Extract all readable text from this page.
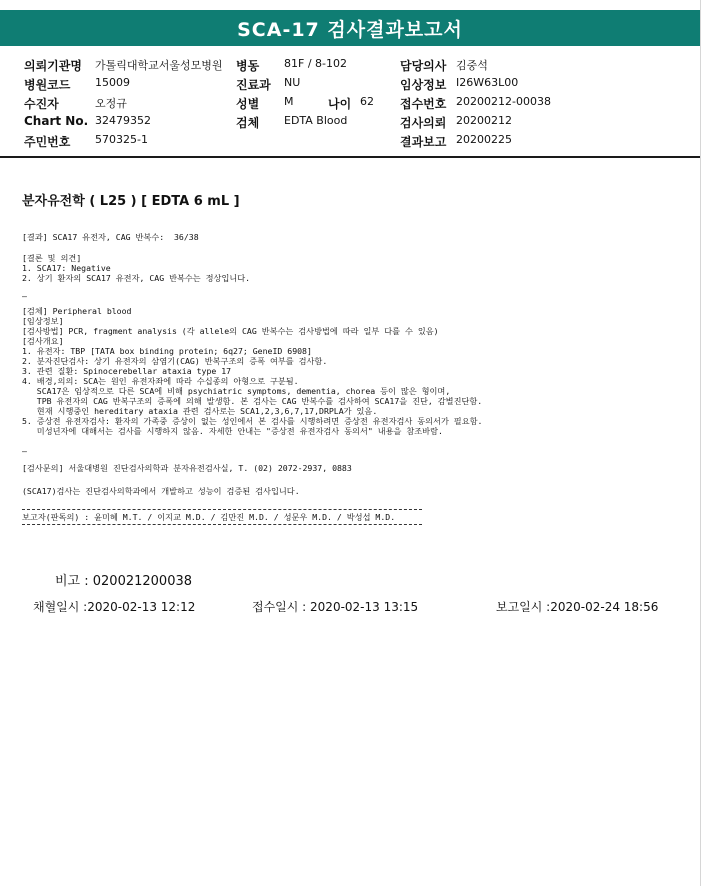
SCA-17 검사결과보고서
의뢰기관명 가톨릭대학교서울성모병원 병동 81F / 8-102	담당의사 김중석
병원코드 15009	진료과 NU	임상정보 I26W63L00
수진자	오정규	성별 M	나이 62 접수번호 20200212-00038
Chart No. 32479352	검체 EDTA Blood	검사의뢰 20200212
주민번호 570325-1	결과보고 20200225
분자유전학 ( L25 ) [ EDTA 6 mL ]
[결과] SCA17 유전자, CAG 반복수:  36/38
[결론 및 의견]
1. SCA17: Negative
2. 상기 환자의 SCA17 유전자, CAG 반복수는 정상입니다.
—
[검체] Peripheral blood
[임상정보]
[검사방법] PCR, fragment analysis (각 allele의 CAG 반복수는 검사방법에 따라 일부 다를 수 있음)
[검사개요]
1. 유전자: TBP [TATA box binding protein; 6q27; GeneID 6908]
2. 분자진단검사: 상기 유전자의 삼염기(CAG) 반복구조의 증폭 여부를 검사함.
3. 관련 질환: Spinocerebellar ataxia type 17
4. 배경,의의: SCA는 원인 유전자좌에 따라 수십종의 아형으로 구분됨.
SCA17은 임상적으로 다른 SCA에 비해 psychiatric symptoms, dementia, chorea 등이 많은 형이며,
TPB 유전자의 CAG 반복구조의 증폭에 의해 발생함. 본 검사는 CAG 반복수를 검사하여 SCA17을 진단, 감별진단함.
현재 시행중인 hereditary ataxia 관련 검사로는 SCA1,2,3,6,7,17,DRPLA가 있음.
5. 증상전 유전자검사: 환자의 가족중 증상이 없는 성인에서 본 검사를 시행하려면 증상전 유전자검사 동의서가 필요함.
미성년자에 대해서는 검사를 시행하지 않음. 자세한 안내는 "증상전 유전자검사 동의서" 내용을 참조바람.
—
[검사문의] 서울대병원 진단검사의학과 분자유전검사실, T. (02) 2072-2937, 0883
(SCA17)검사는 진단검사의학과에서 개발하고 성능이 검증된 검사입니다.
보고자(판독의) : 윤미혜 M.T. / 이지교 M.D. / 김만진 M.D. / 성문우 M.D. / 박성섭 M.D.
비고 : 020021200038
채혈일시 :2020-02-13 12:12	접수일시 : 2020-02-13 13:15	보고일시 :2020-02-24 18:56
